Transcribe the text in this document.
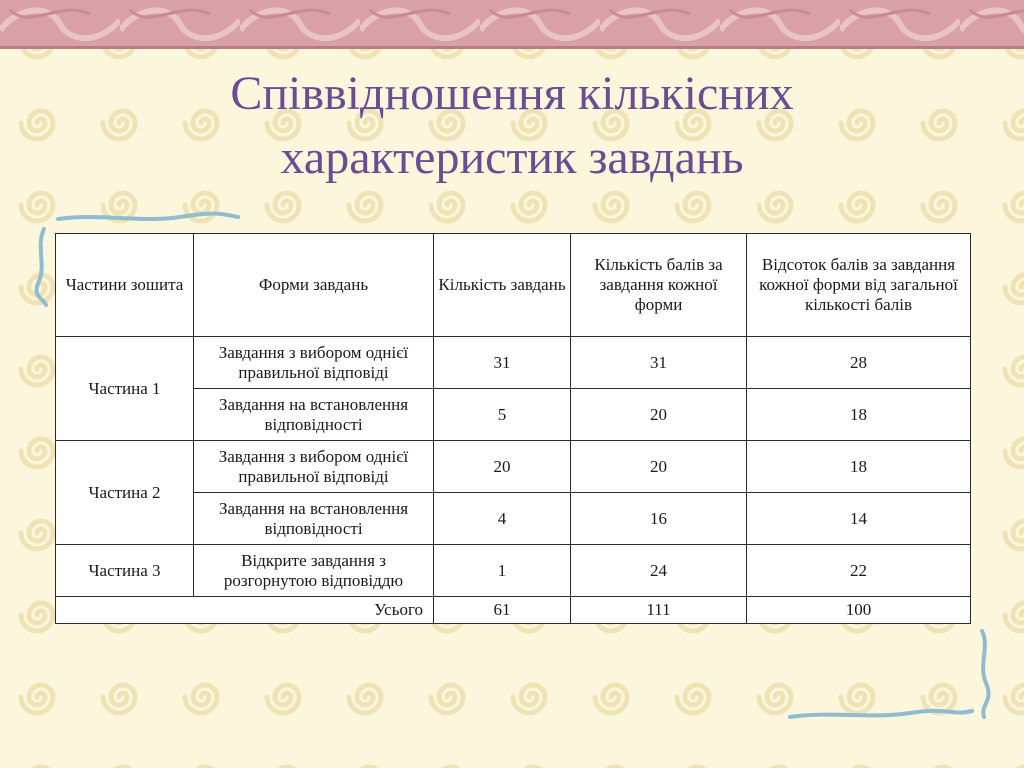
Співвідношення кількісних
характеристик завдань
Частини зошита	Форми завдань	Кількість завдань	Кількість балів за завдання кожної форми	Відсоток балів за завдання кожної форми від загальної кількості балів
Частина 1	Завдання з вибором однієї правильної відповіді	31	31	28
	Завдання на встановлення відповідності	5	20	18
Частина 2	Завдання з вибором однієї правильної відповіді	20	20	18
	Завдання на встановлення відповідності	4	16	14
Частина 3	Відкрите завдання з розгорнутою відповіддю	1	24	22
Усього		61	111	100
